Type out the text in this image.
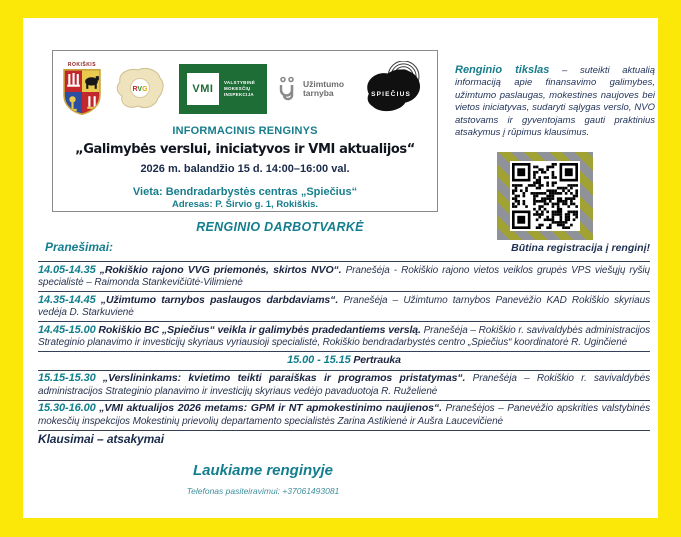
ROKIŠKIS
RVG	VMI
VALSTYBINĖ
MOKESČIŲ
INSPEKCIJA
Užimtumo
tarnyba	SPIEČIUS
INFORMACINIS RENGINYS
„Galimybės verslui, iniciatyvos ir VMI aktualijos“
2026 m. balandžio 15 d. 14:00–16:00 val.
Vieta: Bendradarbystės centras „Spiečius“
Adresas: P. Širvio g. 1, Rokiškis.

Renginio tikslas – suteikti aktualią informaciją apie finansavimo galimybes, užimtumo paslaugas, mokestines naujoves bei vietos iniciatyvas, sudaryti sąlygas verslo, NVO atstovams ir gyventojams gauti praktinius atsakymus į rūpimus klausimus.

Būtina registracija į renginį!
RENGINIO DARBOTVARKĖ
Pranešimai:

14.05-14.35 „Rokiškio rajono VVG priemonės, skirtos NVO“. Pranešėja - Rokiškio rajono vietos veiklos grupės VPS viešųjų ryšių specialistė – Raimonda Stankevičiūtė-Vilimienė

14.35-14.45 „Užimtumo tarnybos paslaugos darbdaviams“. Pranešėja – Užimtumo tarnybos Panevėžio KAD Rokiškio skyriaus vedėja D. Starkuvienė

14.45-15.00 Rokiškio BC „Spiečius“ veikla ir galimybės pradedantiems verslą. Pranešėja – Rokiškio r. savivaldybės administracijos Strateginio planavimo ir investicijų skyriaus vyriausioji specialistė, Rokiškio bendradarbystės centro „Spiečius“ koordinatorė R. Uginčienė

15.00 - 15.15 Pertrauka

15.15-15.30 „Verslininkams: kvietimo teikti paraiškas ir programos pristatymas“. Pranešėja – Rokiškio r. savivaldybės administracijos Strateginio planavimo ir investicijų skyriaus vedėjo pavaduotoja R. Ruželienė

15.30-16.00 „VMI aktualijos 2026 metams: GPM ir NT apmokestinimo naujienos“. Pranešėjos – Panevėžio apskrities valstybinės mokesčių inspekcijos Mokestinių prievolių departamento specialistės Zarina Astikienė ir Aušra Laucevičienė

Klausimai – atsakymai

Laukiame renginyje
Telefonas pasiteiravimui: +37061493081
